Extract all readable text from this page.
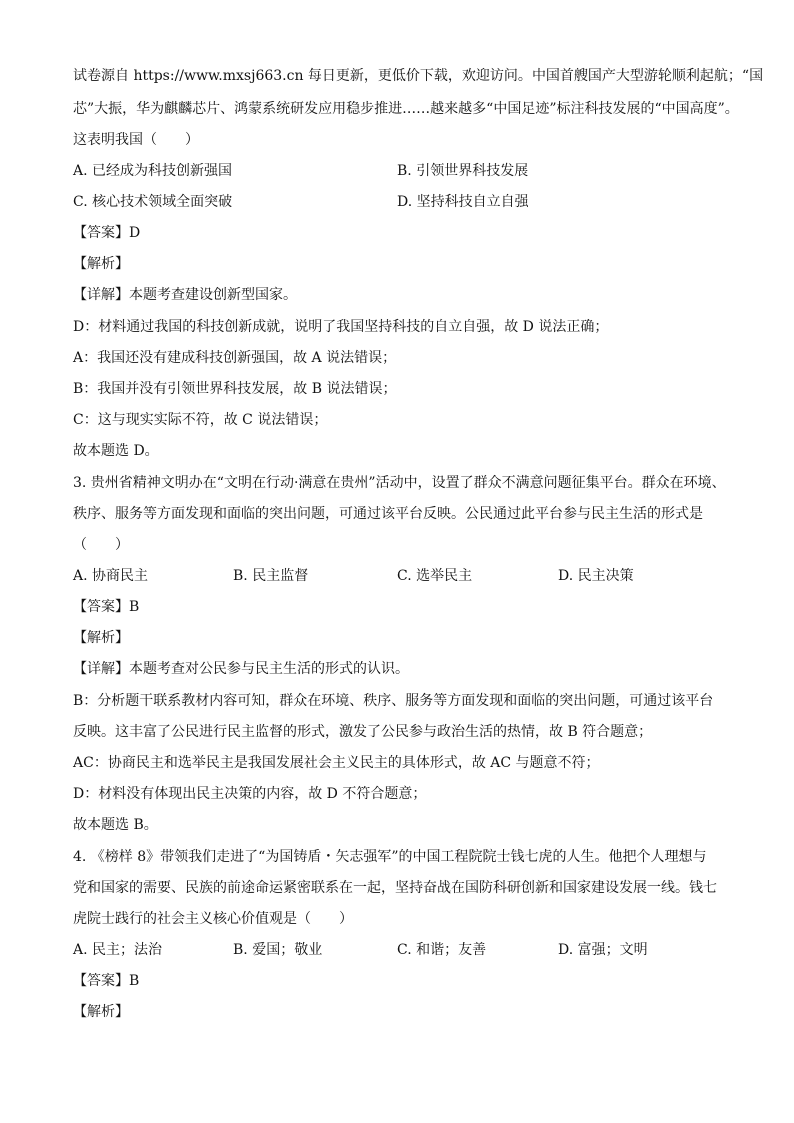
试卷源自 https://www.mxsj663.cn 每日更新，更低价下载，欢迎访问。中国首艘国产大型游轮顺利起航；“国
芯”大振，华为麒麟芯片、鸿蒙系统研发应用稳步推进……越来越多“中国足迹”标注科技发展的“中国高度”。
这表明我国（　　）
A. 已经成为科技创新强国	B. 引领世界科技发展
C. 核心技术领域全面突破	D. 坚持科技自立自强
【答案】D
【解析】
【详解】本题考查建设创新型国家。
D：材料通过我国的科技创新成就，说明了我国坚持科技的自立自强，故 D 说法正确；
A：我国还没有建成科技创新强国，故 A 说法错误；
B：我国并没有引领世界科技发展，故 B 说法错误；
C：这与现实实际不符，故 C 说法错误；
故本题选 D。
3. 贵州省精神文明办在“文明在行动·满意在贵州”活动中，设置了群众不满意问题征集平台。群众在环境、
秩序、服务等方面发现和面临的突出问题，可通过该平台反映。公民通过此平台参与民主生活的形式是
（　　）
A. 协商民主	B. 民主监督	C. 选举民主	D. 民主决策
【答案】B
【解析】
【详解】本题考查对公民参与民主生活的形式的认识。
B：分析题干联系教材内容可知，群众在环境、秩序、服务等方面发现和面临的突出问题，可通过该平台
反映。这丰富了公民进行民主监督的形式，激发了公民参与政治生活的热情，故 B 符合题意；
AC：协商民主和选举民主是我国发展社会主义民主的具体形式，故 AC 与题意不符；
D：材料没有体现出民主决策的内容，故 D 不符合题意；
故本题选 B。
4. 《榜样 8》带领我们走进了“为国铸盾・矢志强军”的中国工程院院士钱七虎的人生。他把个人理想与
党和国家的需要、民族的前途命运紧密联系在一起，坚持奋战在国防科研创新和国家建设发展一线。钱七
虎院士践行的社会主义核心价值观是（　　）
A. 民主；法治	B. 爱国；敬业	C. 和谐；友善	D. 富强；文明
【答案】B
【解析】
